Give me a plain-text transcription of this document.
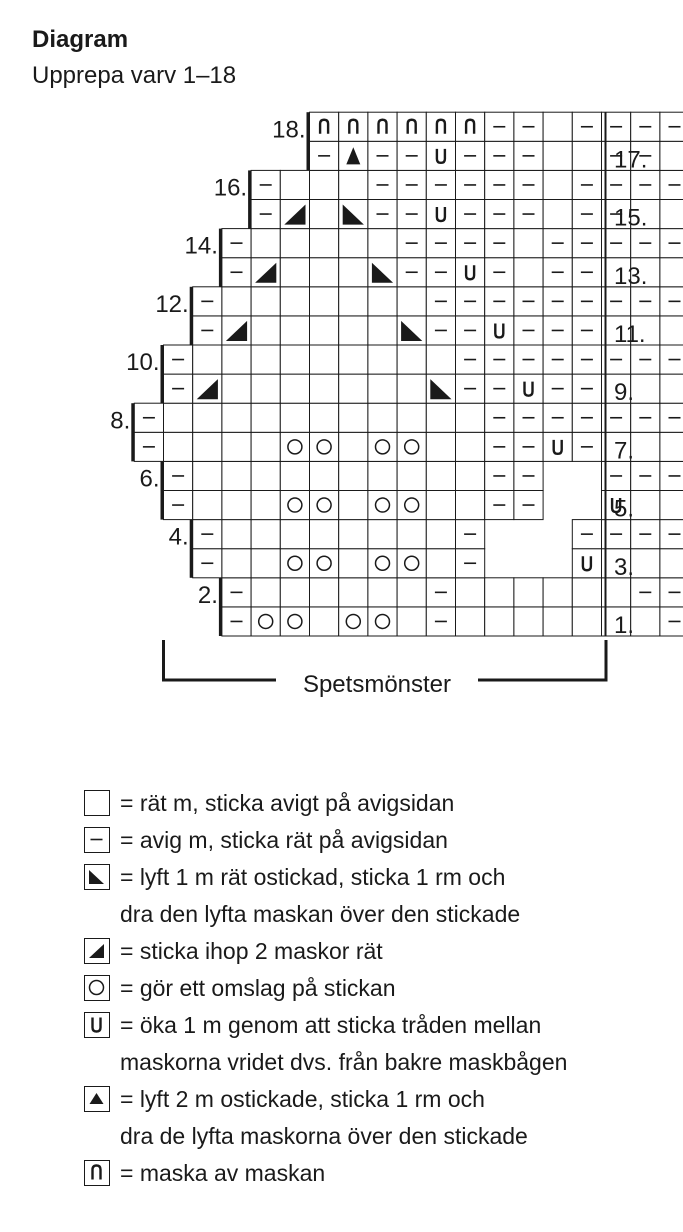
Diagram
Upprepa varv 1–18
1.
2.
3.
4.
5.
6.
7.
8.
9.
10.
11.
12.
13.
14.
15.
16.
17.
18.
Spetsmönster
= rät m, sticka avigt på avigsidan
= avig m, sticka rät på avigsidan
= lyft 1 m rät ostickad, sticka 1 rm och
dra den lyfta maskan över den stickade
= sticka ihop 2 maskor rät
= gör ett omslag på stickan
= öka 1 m genom att sticka tråden mellan
maskorna vridet dvs. från bakre maskbågen
= lyft 2 m ostickade, sticka 1 rm och
dra de lyfta maskorna över den stickade
= maska av maskan
